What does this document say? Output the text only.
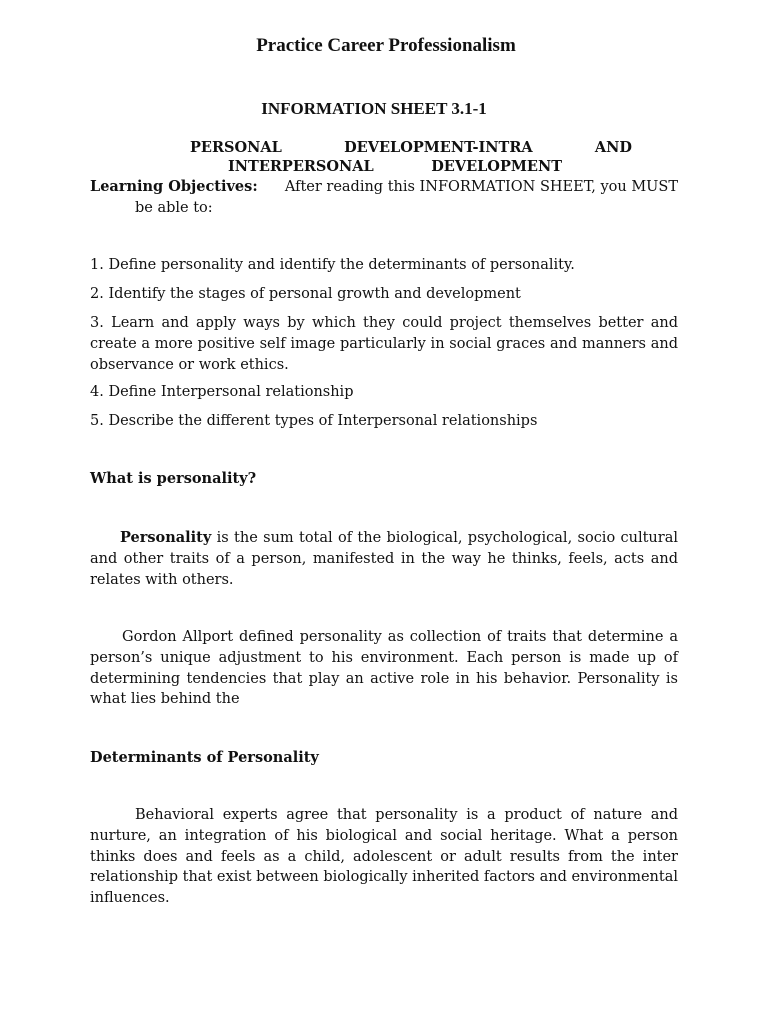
Practice Career Professionalism
INFORMATION SHEET 3.1-1
PERSONAL	DEVELOPMENT-INTRA	AND
INTERPERSONAL	DEVELOPMENT
Learning Objectives: After reading this INFORMATION SHEET, you MUST
be able to:
1. Define personality and identify the determinants of personality.
2. Identify the stages of personal growth and development
3. Learn and apply ways by which they could project themselves better and create a more positive self image particularly in social graces and manners and observance or work ethics.
4. Define Interpersonal relationship
5. Describe the different types of Interpersonal relationships
What is personality?

Personality is the sum total of the biological, psychological, socio cultural and other traits of a person, manifested in the way he thinks, feels, acts and relates with others.

Gordon Allport defined personality as collection of traits that determine a person’s unique adjustment to his environment. Each person is made up of determining tendencies that play an active role in his behavior. Personality is what lies behind the

Determinants of Personality

Behavioral experts agree that personality is a product of nature and nurture, an integration of his biological and social heritage. What a person thinks does and feels as a child, adolescent or adult results from the inter relationship that exist between biologically inherited factors and environmental influences.
